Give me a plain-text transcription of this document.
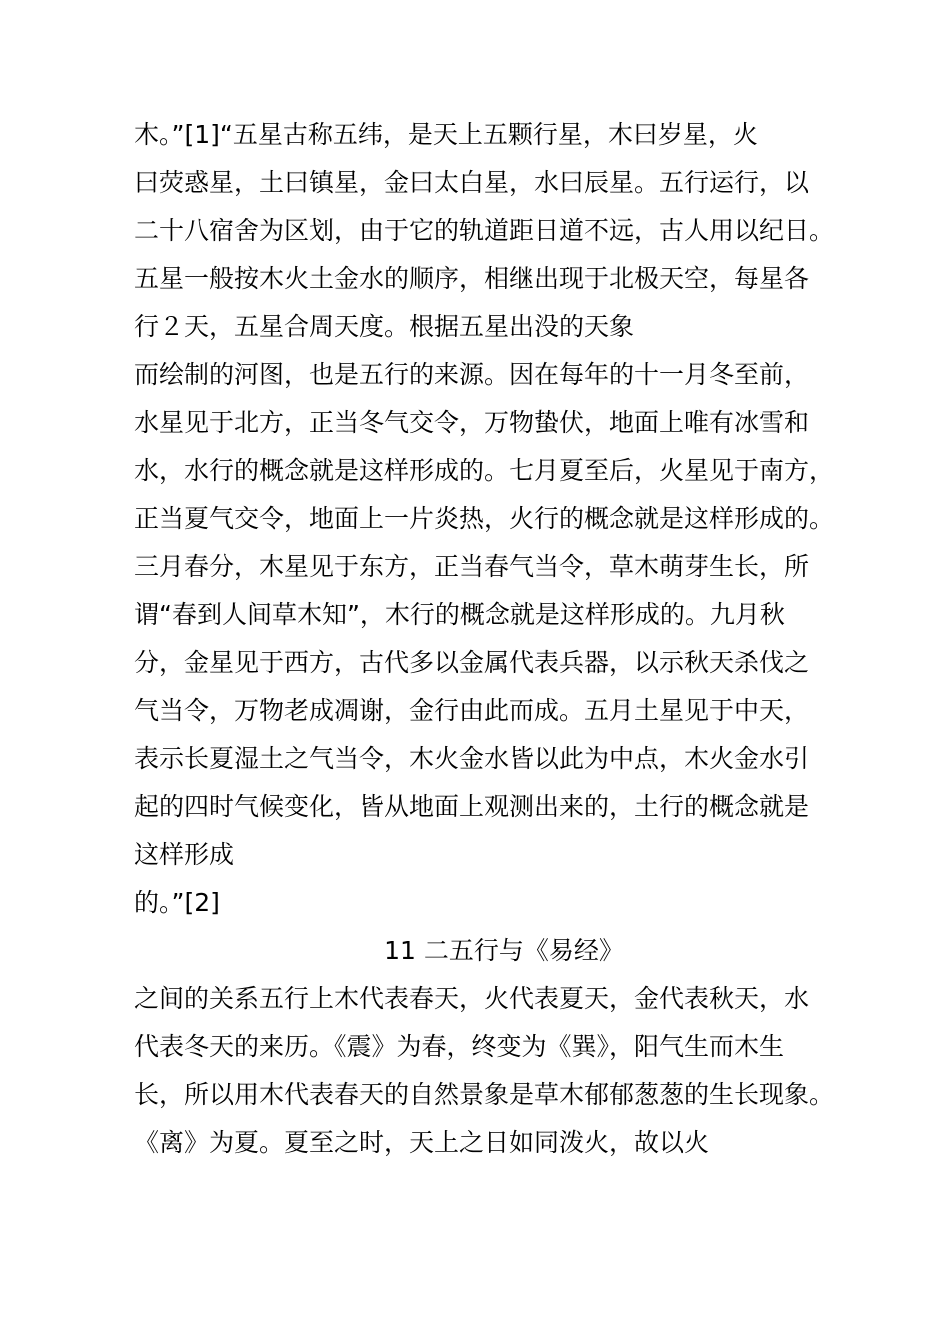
木。”[1]“五星古称五纬，是天上五颗行星，木曰岁星，火
曰荧惑星，土曰镇星，金曰太白星，水曰辰星。五行运行，以
二十八宿舍为区划，由于它的轨道距日道不远，古人用以纪日。
五星一般按木火土金水的顺序，相继出现于北极天空，每星各
行２天，五星合周天度。根据五星出没的天象
而绘制的河图，也是五行的来源。因在每年的十一月冬至前，
水星见于北方，正当冬气交令，万物蛰伏，地面上唯有冰雪和
水，水行的概念就是这样形成的。七月夏至后，火星见于南方，
正当夏气交令，地面上一片炎热，火行的概念就是这样形成的。
三月春分，木星见于东方，正当春气当令，草木萌芽生长，所
谓“春到人间草木知”，木行的概念就是这样形成的。九月秋
分，金星见于西方，古代多以金属代表兵器，以示秋天杀伐之
气当令，万物老成凋谢，金行由此而成。五月土星见于中天，
表示长夏湿土之气当令，木火金水皆以此为中点，木火金水引
起的四时气候变化，皆从地面上观测出来的，土行的概念就是
这样形成
的。”[2]
11 二五行与《易经》
之间的关系五行上木代表春天，火代表夏天，金代表秋天，水
代表冬天的来历。《震》为春，终变为《巽》，阳气生而木生
长，所以用木代表春天的自然景象是草木郁郁葱葱的生长现象。
《离》为夏。夏至之时，天上之日如同泼火，故以火
